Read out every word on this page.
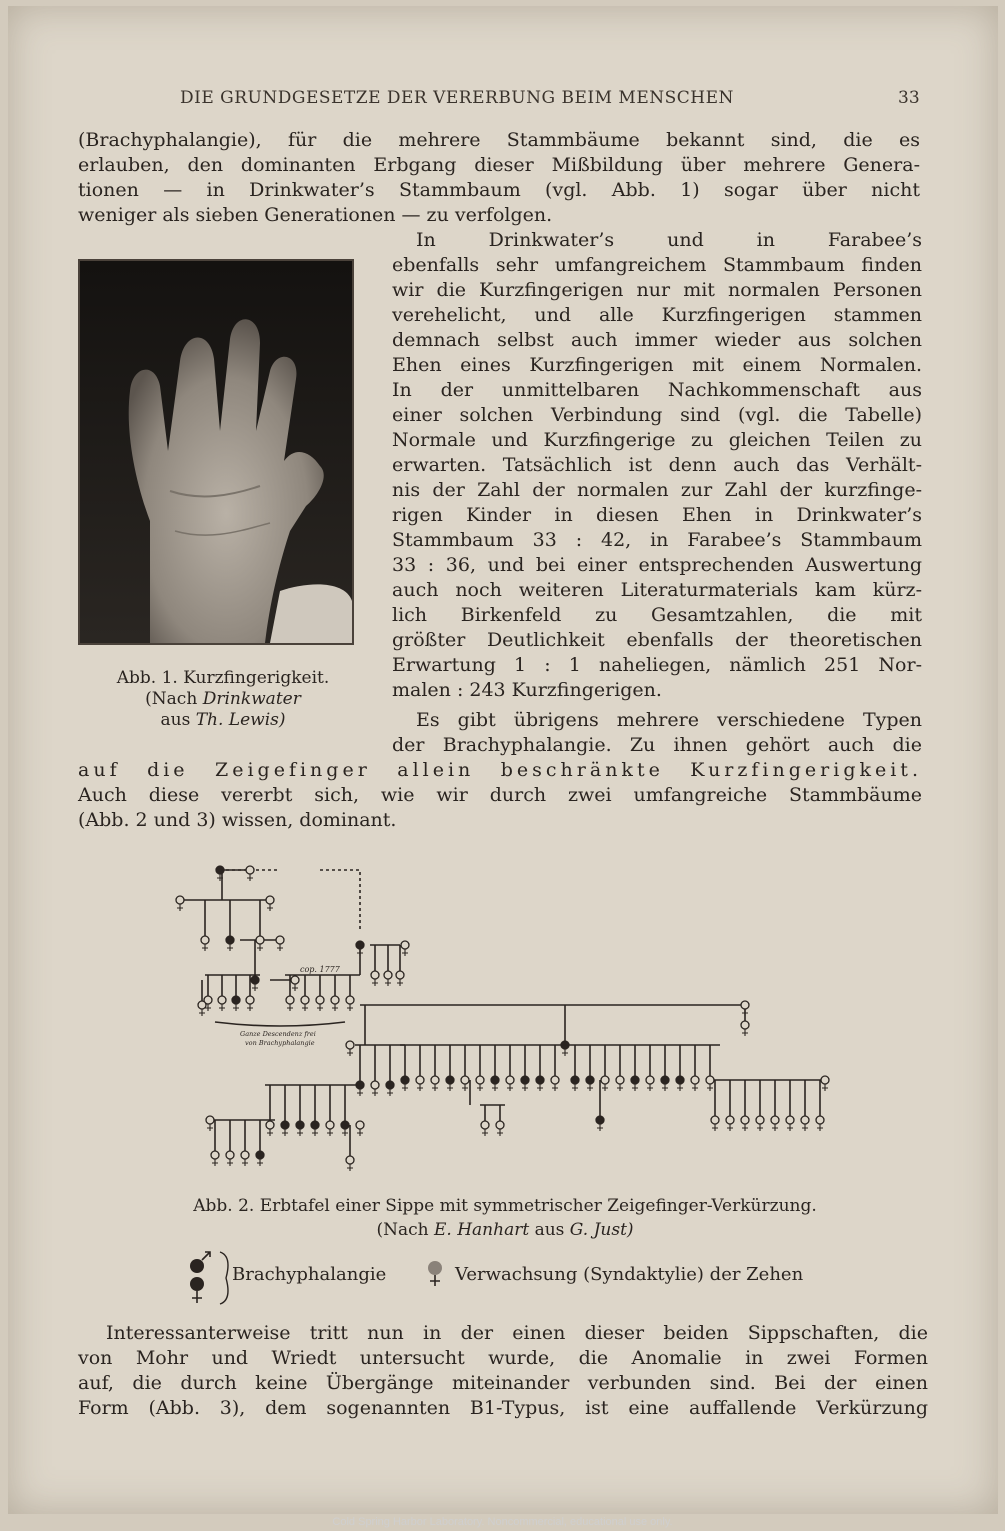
DIE GRUNDGESETZE DER VERERBUNG BEIM MENSCHEN	33
(Brachyphalangie), für die mehrere Stammbäume bekannt sind, die es
erlauben, den dominanten Erbgang dieser Mißbildung über mehrere Genera-
tionen — in Drinkwater’s Stammbaum (vgl. Abb. 1) sogar über nicht
weniger als sieben Generationen — zu verfolgen.
Abb. 1. Kurzfingerigkeit.
(Nach Drinkwater
aus Th. Lewis)
In Drinkwater’s und in Farabee’s
ebenfalls sehr umfangreichem Stammbaum finden
wir die Kurzfingerigen nur mit normalen Personen
verehelicht, und alle Kurzfingerigen stammen
demnach selbst auch immer wieder aus solchen
Ehen eines Kurzfingerigen mit einem Normalen.
In der unmittelbaren Nachkommenschaft aus
einer solchen Verbindung sind (vgl. die Tabelle)
Normale und Kurzfingerige zu gleichen Teilen zu
erwarten. Tatsächlich ist denn auch das Verhält-
nis der Zahl der normalen zur Zahl der kurzfinge-
rigen Kinder in diesen Ehen in Drinkwater’s
Stammbaum 33 : 42, in Farabee’s Stammbaum
33 : 36, und bei einer entsprechenden Auswertung
auch noch weiteren Literaturmaterials kam kürz-
lich Birkenfeld zu Gesamtzahlen, die mit
größter Deutlichkeit ebenfalls der theoretischen
Erwartung 1 : 1 naheliegen, nämlich 251 Nor-
malen : 243 Kurzfingerigen.
Es gibt übrigens mehrere verschiedene Typen
der Brachyphalangie. Zu ihnen gehört auch die
auf die Zeigefinger allein beschränkte Kurzfingerigkeit.
Auch diese vererbt sich, wie wir durch zwei umfangreiche Stammbäume
(Abb. 2 und 3) wissen, dominant.
cop. 1777
Ganze Descendenz frei
von Brachyphalangie
Abb. 2. Erbtafel einer Sippe mit symmetrischer Zeigefinger-Verkürzung.
(Nach E. Hanhart aus G. Just)
Brachyphalangie	Verwachsung (Syndaktylie) der Zehen
Interessanterweise tritt nun in der einen dieser beiden Sippschaften, die
von Mohr und Wriedt untersucht wurde, die Anomalie in zwei Formen
auf, die durch keine Übergänge miteinander verbunden sind. Bei der einen
Form (Abb. 3), dem sogenannten B1-Typus, ist eine auffallende Verkürzung
Cold Spring Harbor Laboratory. Noncommercial, educational use only.
